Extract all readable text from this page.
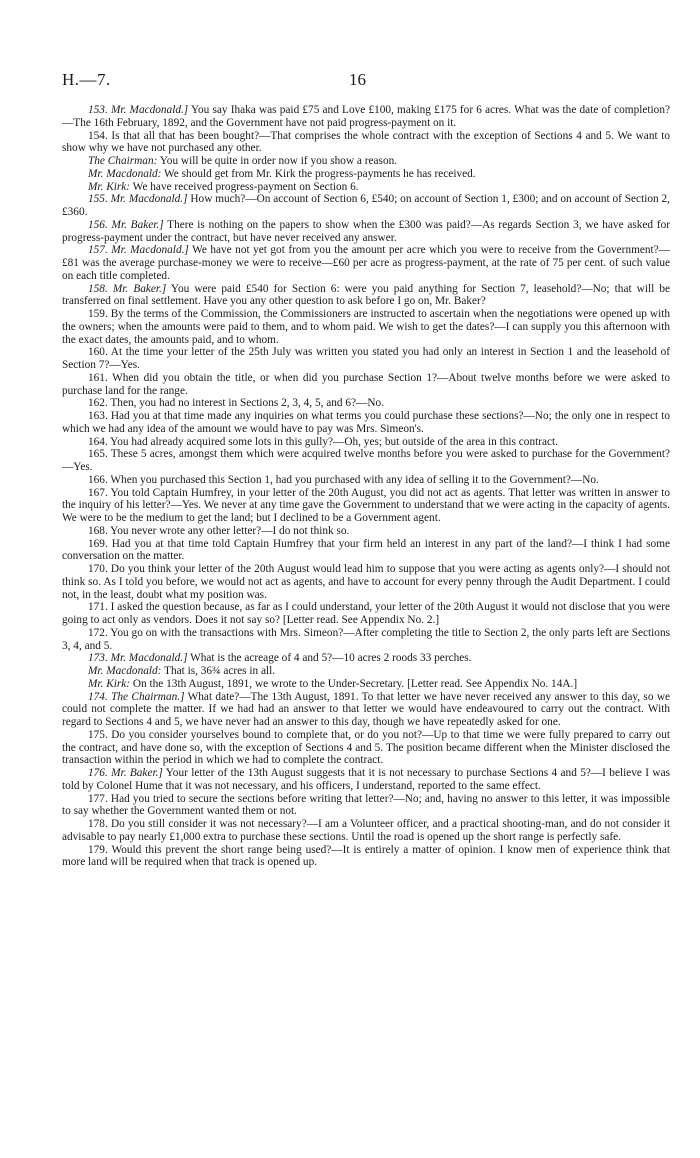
H.—7.	16

153. Mr. Macdonald.] You say Ihaka was paid £75 and Love £100, making £175 for 6 acres. What was the date of completion?—The 16th February, 1892, and the Government have not paid progress-payment on it.

154. Is that all that has been bought?—That comprises the whole contract with the exception of Sections 4 and 5. We want to show why we have not purchased any other.

The Chairman: You will be quite in order now if you show a reason.

Mr. Macdonald: We should get from Mr. Kirk the progress-payments he has received.

Mr. Kirk: We have received progress-payment on Section 6.

155. Mr. Macdonald.] How much?—On account of Section 6, £540; on account of Section 1, £300; and on account of Section 2, £360.

156. Mr. Baker.] There is nothing on the papers to show when the £300 was paid?—As regards Section 3, we have asked for progress-payment under the contract, but have never received any answer.

157. Mr. Macdonald.] We have not yet got from you the amount per acre which you were to receive from the Government?—£81 was the average purchase-money we were to receive—£60 per acre as progress-payment, at the rate of 75 per cent. of such value on each title completed.

158. Mr. Baker.] You were paid £540 for Section 6: were you paid anything for Section 7, leasehold?—No; that will be transferred on final settlement. Have you any other question to ask before I go on, Mr. Baker?

159. By the terms of the Commission, the Commissioners are instructed to ascertain when the negotiations were opened up with the owners; when the amounts were paid to them, and to whom paid. We wish to get the dates?—I can supply you this afternoon with the exact dates, the amounts paid, and to whom.

160. At the time your letter of the 25th July was written you stated you had only an interest in Section 1 and the leasehold of Section 7?—Yes.

161. When did you obtain the title, or when did you purchase Section 1?—About twelve months before we were asked to purchase land for the range.

162. Then, you had no interest in Sections 2, 3, 4, 5, and 6?—No.

163. Had you at that time made any inquiries on what terms you could purchase these sections?—No; the only one in respect to which we had any idea of the amount we would have to pay was Mrs. Simeon's.

164. You had already acquired some lots in this gully?—Oh, yes; but outside of the area in this contract.

165. These 5 acres, amongst them which were acquired twelve months before you were asked to purchase for the Government?—Yes.

166. When you purchased this Section 1, had you purchased with any idea of selling it to the Government?—No.

167. You told Captain Humfrey, in your letter of the 20th August, you did not act as agents. That letter was written in answer to the inquiry of his letter?—Yes. We never at any time gave the Government to understand that we were acting in the capacity of agents. We were to be the medium to get the land; but I declined to be a Government agent.

168. You never wrote any other letter?—I do not think so.

169. Had you at that time told Captain Humfrey that your firm held an interest in any part of the land?—I think I had some conversation on the matter.

170. Do you think your letter of the 20th August would lead him to suppose that you were acting as agents only?—I should not think so. As I told you before, we would not act as agents, and have to account for every penny through the Audit Department. I could not, in the least, doubt what my position was.

171. I asked the question because, as far as I could understand, your letter of the 20th August it would not disclose that you were going to act only as vendors. Does it not say so? [Letter read. See Appendix No. 2.]

172. You go on with the transactions with Mrs. Simeon?—After completing the title to Section 2, the only parts left are Sections 3, 4, and 5.

173. Mr. Macdonald.] What is the acreage of 4 and 5?—10 acres 2 roods 33 perches.

Mr. Macdonald: That is, 36¾ acres in all.

Mr. Kirk: On the 13th August, 1891, we wrote to the Under-Secretary. [Letter read. See Appendix No. 14A.]

174. The Chairman.] What date?—The 13th August, 1891. To that letter we have never received any answer to this day, so we could not complete the matter. If we had had an answer to that letter we would have endeavoured to carry out the contract. With regard to Sections 4 and 5, we have never had an answer to this day, though we have repeatedly asked for one.

175. Do you consider yourselves bound to complete that, or do you not?—Up to that time we were fully prepared to carry out the contract, and have done so, with the exception of Sections 4 and 5. The position became different when the Minister disclosed the transaction within the period in which we had to complete the contract.

176. Mr. Baker.] Your letter of the 13th August suggests that it is not necessary to purchase Sections 4 and 5?—I believe I was told by Colonel Hume that it was not necessary, and his officers, I understand, reported to the same effect.

177. Had you tried to secure the sections before writing that letter?—No; and, having no answer to this letter, it was impossible to say whether the Government wanted them or not.

178. Do you still consider it was not necessary?—I am a Volunteer officer, and a practical shooting-man, and do not consider it advisable to pay nearly £1,000 extra to purchase these sections. Until the road is opened up the short range is perfectly safe.

179. Would this prevent the short range being used?—It is entirely a matter of opinion. I know men of experience think that more land will be required when that track is opened up.
